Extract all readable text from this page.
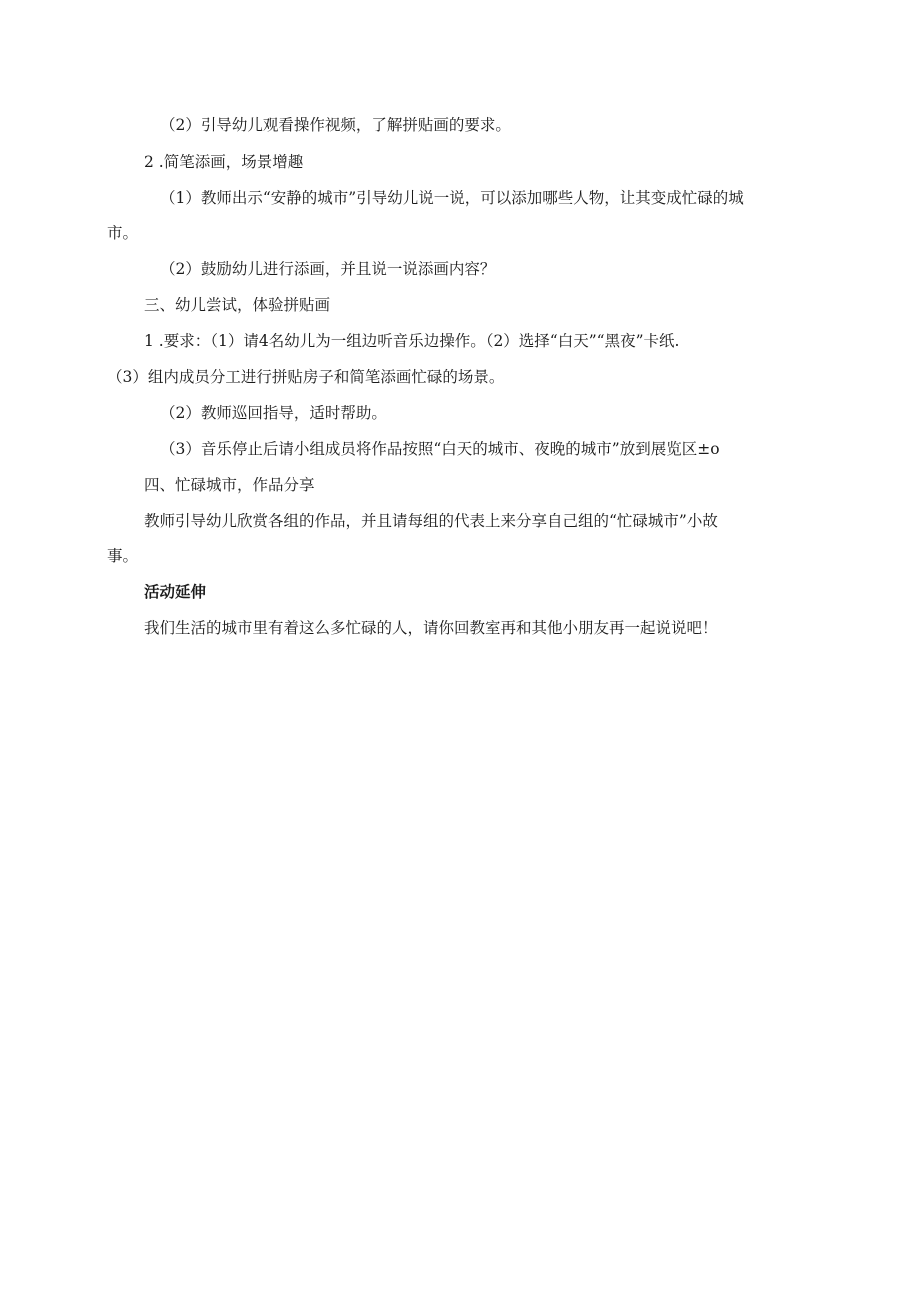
（2）引导幼儿观看操作视频，了解拼贴画的要求。
2 .简笔添画，场景增趣
（1）教师出示“安静的城市”引导幼儿说一说，可以添加哪些人物，让其变成忙碌的城
市。
（2）鼓励幼儿进行添画，并且说一说添画内容？
三、幼儿尝试，体验拼贴画
1 .要求：（1）请4名幼儿为一组边听音乐边操作。（2）选择“白天”“黑夜”卡纸.
（3）组内成员分工进行拼贴房子和简笔添画忙碌的场景。
（2）教师巡回指导，适时帮助。
（3）音乐停止后请小组成员将作品按照“白天的城市、夜晚的城市”放到展览区±o
四、忙碌城市，作品分享
教师引导幼儿欣赏各组的作品，并且请每组的代表上来分享自己组的“忙碌城市”小故
事。
活动延伸
我们生活的城市里有着这么多忙碌的人，请你回教室再和其他小朋友再一起说说吧！
